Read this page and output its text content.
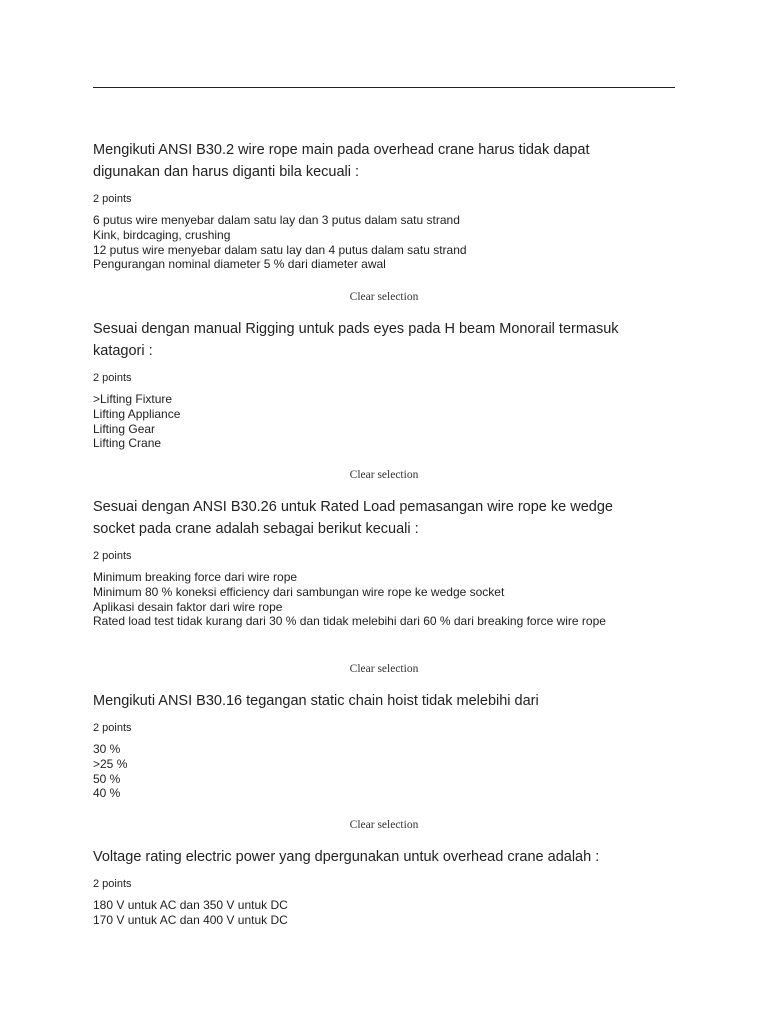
Mengikuti ANSI B30.2 wire rope main pada overhead crane harus tidak dapat digunakan dan harus diganti bila kecuali :

2 points
6 putus wire menyebar dalam satu lay dan 3 putus dalam satu strand
Kink, birdcaging, crushing
12 putus wire menyebar dalam satu lay dan 4 putus dalam satu strand
Pengurangan nominal diameter 5 % dari diameter awal
Clear selection

Sesuai dengan manual Rigging untuk pads eyes pada H beam Monorail termasuk katagori :

2 points
>Lifting Fixture
Lifting Appliance
Lifting Gear
Lifting Crane
Clear selection

Sesuai dengan ANSI B30.26 untuk Rated Load pemasangan wire rope ke wedge socket pada crane adalah sebagai berikut kecuali :

2 points
Minimum breaking force dari wire rope
Minimum 80 % koneksi efficiency dari sambungan wire rope ke wedge socket
Aplikasi desain faktor dari wire rope
Rated load test tidak kurang dari 30 % dan tidak melebihi dari 60 % dari breaking force wire rope
Clear selection

Mengikuti ANSI B30.16 tegangan static chain hoist tidak melebihi dari

2 points
30 %
>25 %
50 %
40 %
Clear selection

Voltage rating electric power yang dpergunakan untuk overhead crane adalah :

2 points
180 V untuk AC dan 350 V untuk DC
170 V untuk AC dan 400 V untuk DC
